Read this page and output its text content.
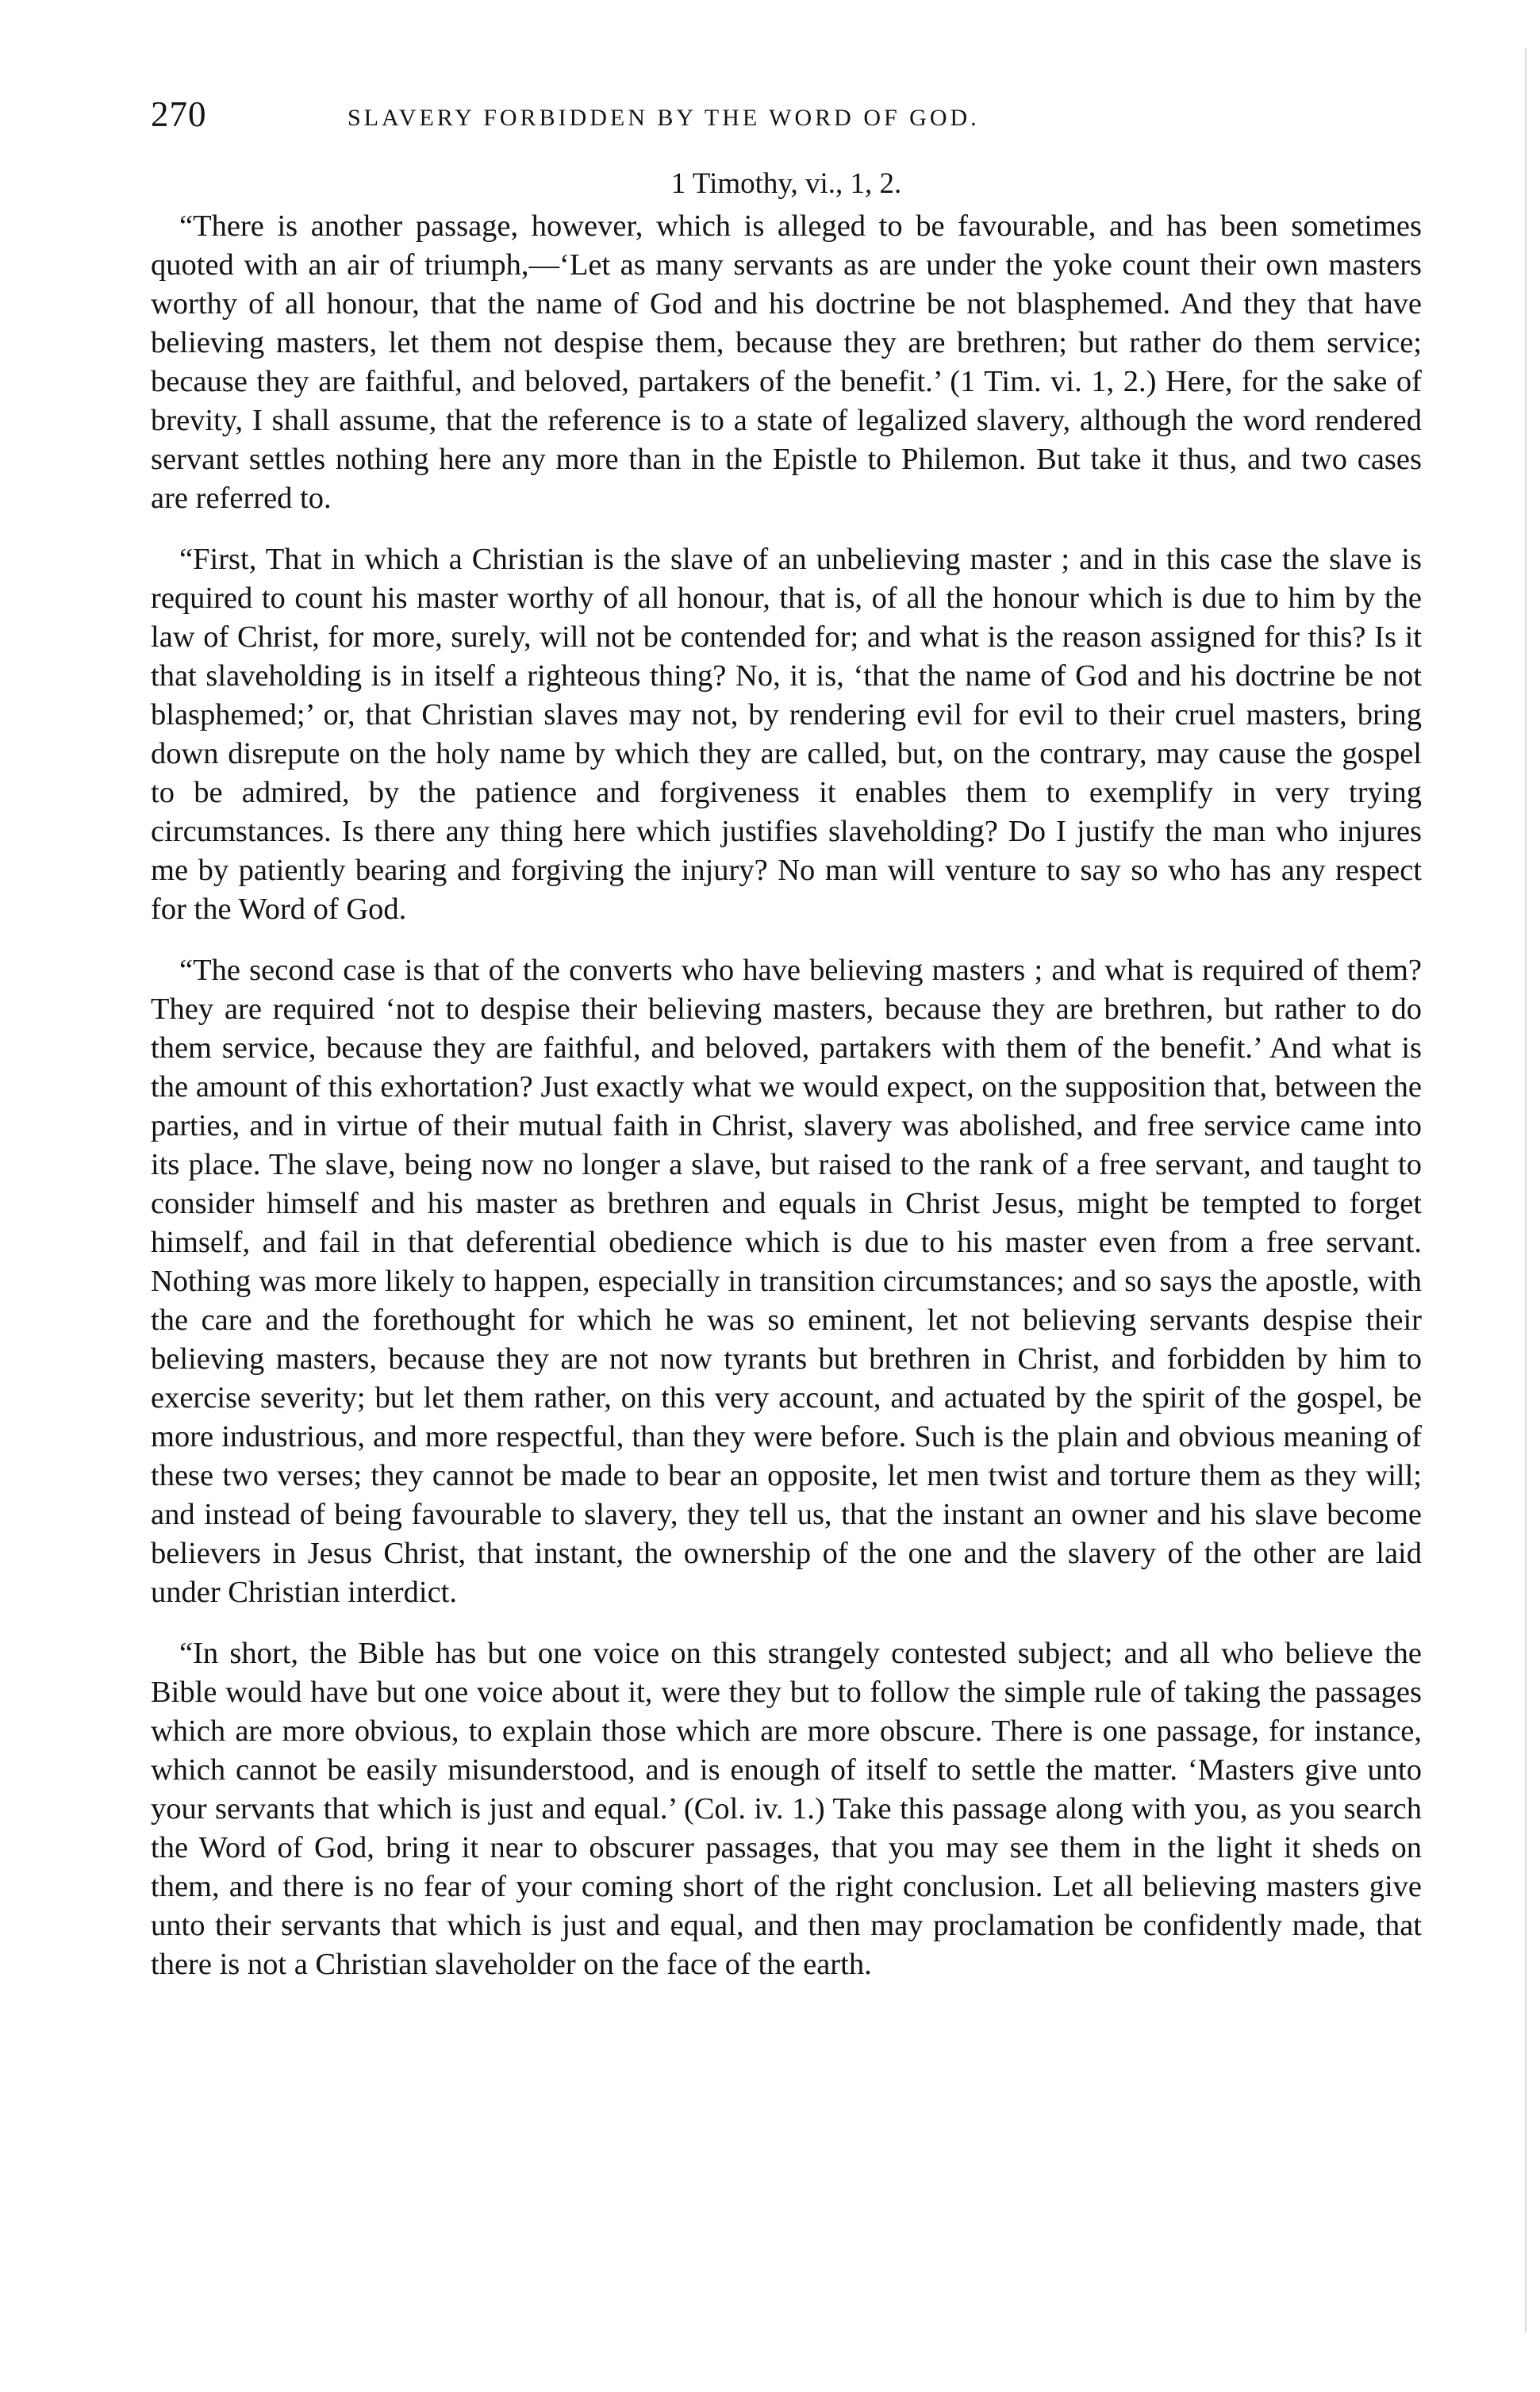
270	SLAVERY FORBIDDEN BY THE WORD OF GOD.
1 Timothy, vi., 1, 2.

“There is another passage, however, which is alleged to be favourable, and has been sometimes quoted with an air of triumph,—‘Let as many servants as are under the yoke count their own masters worthy of all honour, that the name of God and his doctrine be not blasphemed. And they that have believing masters, let them not despise them, because they are brethren; but rather do them service; because they are faithful, and beloved, partakers of the benefit.’ (1 Tim. vi. 1, 2.) Here, for the sake of brevity, I shall assume, that the reference is to a state of legalized slavery, although the word rendered servant settles nothing here any more than in the Epistle to Philemon. But take it thus, and two cases are referred to.

“First, That in which a Christian is the slave of an unbelieving master ; and in this case the slave is required to count his master worthy of all honour, that is, of all the honour which is due to him by the law of Christ, for more, surely, will not be contended for; and what is the reason assigned for this? Is it that slaveholding is in itself a righteous thing? No, it is, ‘that the name of God and his doctrine be not blasphemed;’ or, that Christian slaves may not, by rendering evil for evil to their cruel masters, bring down disrepute on the holy name by which they are called, but, on the contrary, may cause the gospel to be admired, by the patience and forgiveness it enables them to exemplify in very trying circumstances. Is there any thing here which justifies slaveholding? Do I justify the man who injures me by patiently bearing and forgiving the injury? No man will venture to say so who has any respect for the Word of God.

“The second case is that of the converts who have believing masters ; and what is required of them? They are required ‘not to despise their believing masters, because they are brethren, but rather to do them service, because they are faithful, and beloved, partakers with them of the benefit.’ And what is the amount of this exhortation? Just exactly what we would expect, on the supposition that, between the parties, and in virtue of their mutual faith in Christ, slavery was abolished, and free service came into its place. The slave, being now no longer a slave, but raised to the rank of a free servant, and taught to consider himself and his master as brethren and equals in Christ Jesus, might be tempted to forget himself, and fail in that deferential obedience which is due to his master even from a free servant. Nothing was more likely to happen, especially in transition circumstances; and so says the apostle, with the care and the forethought for which he was so eminent, let not believing servants despise their believing masters, because they are not now tyrants but brethren in Christ, and forbidden by him to exercise severity; but let them rather, on this very account, and actuated by the spirit of the gospel, be more industrious, and more respectful, than they were before. Such is the plain and obvious meaning of these two verses; they cannot be made to bear an opposite, let men twist and torture them as they will; and instead of being favourable to slavery, they tell us, that the instant an owner and his slave become believers in Jesus Christ, that instant, the ownership of the one and the slavery of the other are laid under Christian interdict.

“In short, the Bible has but one voice on this strangely contested subject; and all who believe the Bible would have but one voice about it, were they but to follow the simple rule of taking the passages which are more obvious, to explain those which are more obscure. There is one passage, for instance, which cannot be easily misunderstood, and is enough of itself to settle the matter. ‘Masters give unto your servants that which is just and equal.’ (Col. iv. 1.) Take this passage along with you, as you search the Word of God, bring it near to obscurer passages, that you may see them in the light it sheds on them, and there is no fear of your coming short of the right conclusion. Let all believing masters give unto their servants that which is just and equal, and then may proclamation be confidently made, that there is not a Christian slaveholder on the face of the earth.
